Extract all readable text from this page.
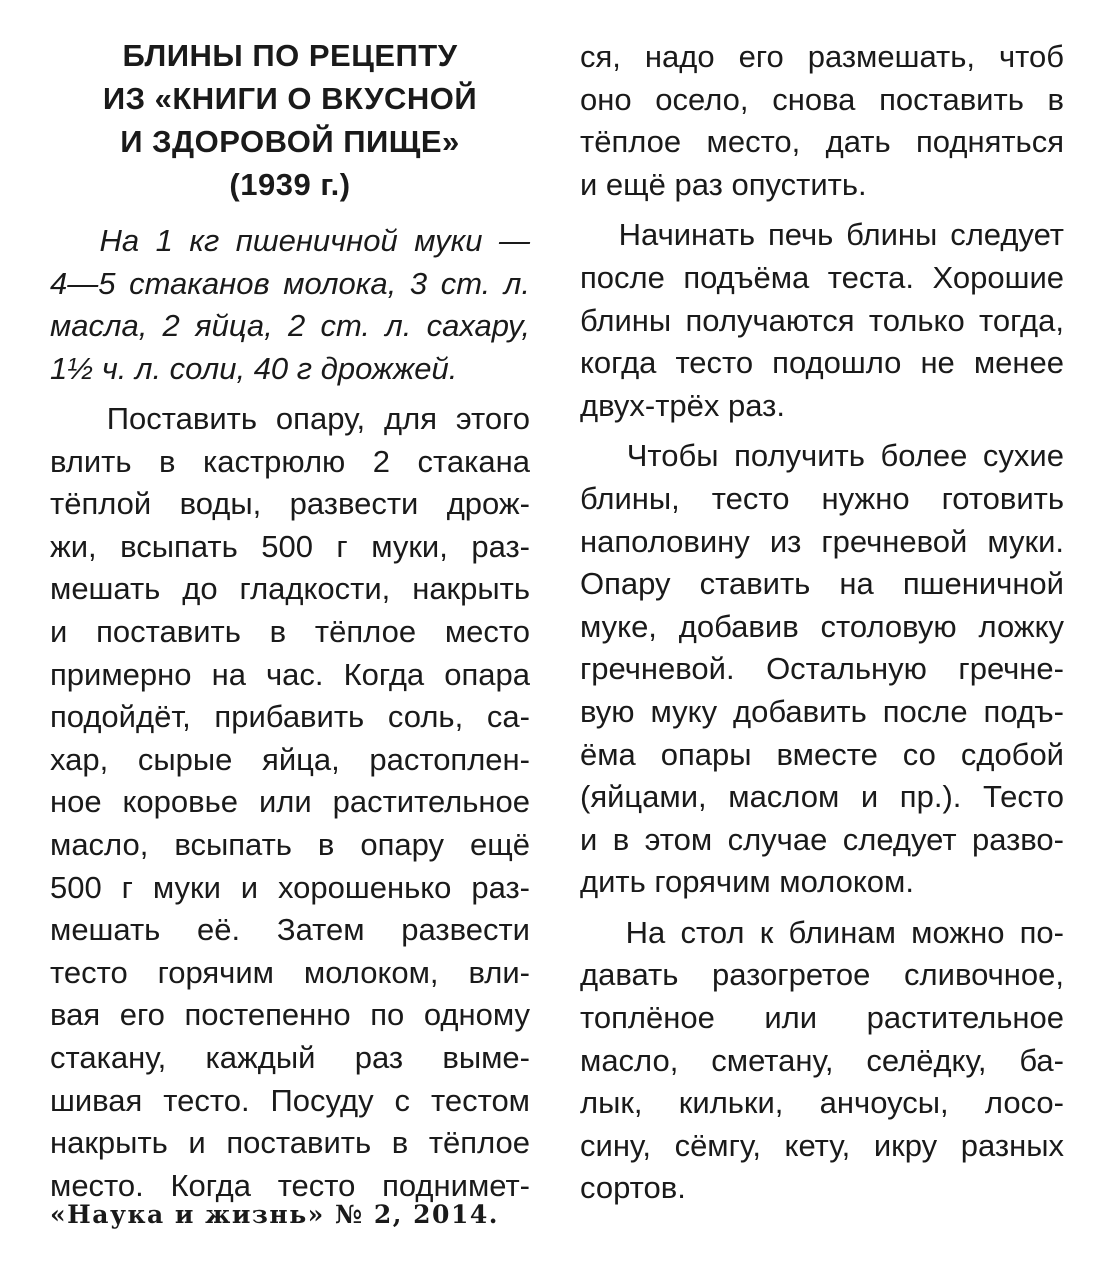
БЛИНЫ ПО РЕЦЕПТУ
ИЗ «КНИГИ О ВКУСНОЙ
И ЗДОРОВОЙ ПИЩЕ»
(1939 г.)
На 1 кг пшеничной муки —
4—5 стаканов молока, 3 ст. л.
масла, 2 яйца, 2 ст. л. сахару,
1½ ч. л. соли, 40 г дрожжей.
Поставить опару, для этого
влить в кастрюлю 2 стакана
тёплой воды, развести дрож-
жи, всыпать 500 г муки, раз-
мешать до гладкости, накрыть
и поставить в тёплое место
примерно на час. Когда опара
подойдёт, прибавить соль, са-
хар, сырые яйца, растоплен-
ное коровье или растительное
масло, всыпать в опару ещё
500 г муки и хорошенько раз-
мешать её. Затем развести
тесто горячим молоком, вли-
вая его постепенно по одному
стакану, каждый раз выме-
шивая тесто. Посуду с тестом
накрыть и поставить в тёплое
место. Когда тесто поднимет-
ся, надо его размешать, чтоб
оно осело, снова поставить в
тёплое место, дать подняться
и ещё раз опустить.
Начинать печь блины следует
после подъёма теста. Хорошие
блины получаются только тогда,
когда тесто подошло не менее
двух-трёх раз.
Чтобы получить более сухие
блины, тесто нужно готовить
наполовину из гречневой муки.
Опару ставить на пшеничной
муке, добавив столовую ложку
гречневой. Остальную гречне-
вую муку добавить после подъ-
ёма опары вместе со сдобой
(яйцами, маслом и пр.). Тесто
и в этом случае следует разво-
дить горячим молоком.
На стол к блинам можно по-
давать разогретое сливочное,
топлёное или растительное
масло, сметану, селёдку, ба-
лык, кильки, анчоусы, лосо-
сину, сёмгу, кету, икру разных
сортов.
«Наука и жизнь» № 2, 2014.
